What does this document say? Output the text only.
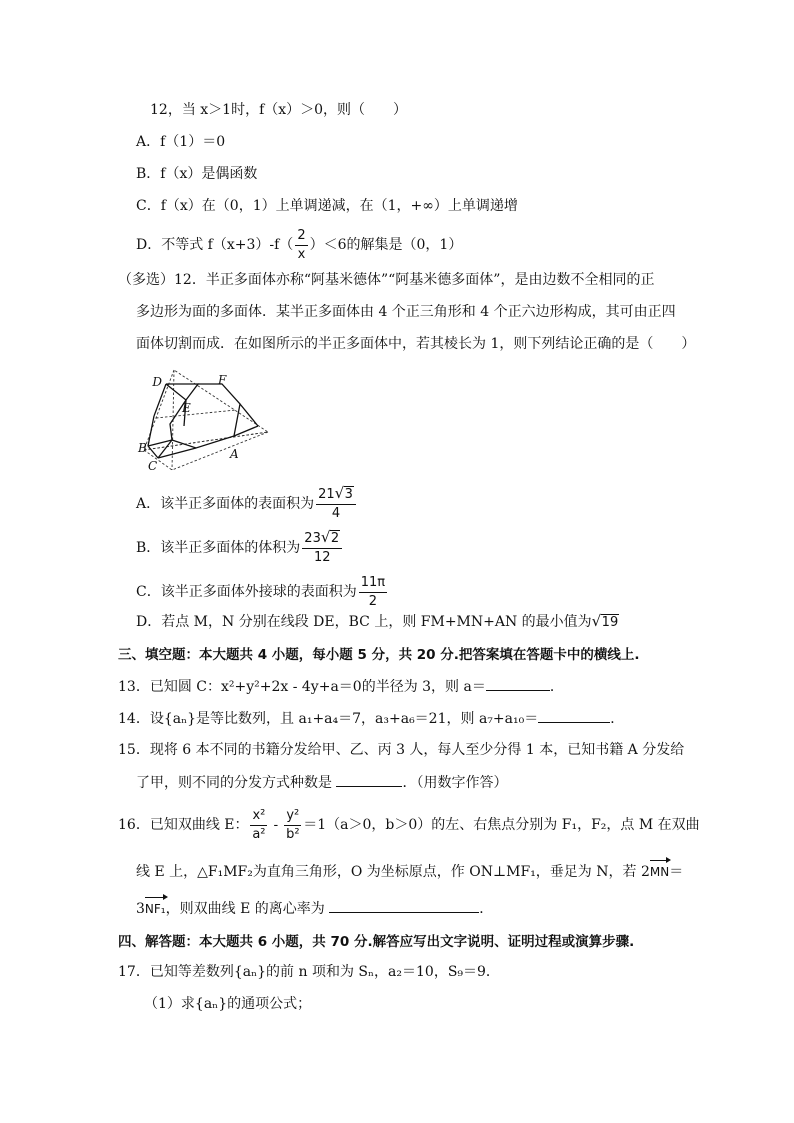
12，当 x＞1时，f（x）＞0，则（　　）
A．f（1）＝0
B．f（x）是偶函数
C．f（x）在（0，1）上单调递减，在（1，+∞）上单调递增
D．不等式 $f(x+3)-f( \frac{2}{x} )<6$的解集是（0，1）
（多选）12．半正多面体亦称“阿基米德体”“阿基米德多面体”，是由边数不全相同的正
多边形为面的多面体．某半正多面体由 4 个正三角形和 4 个正六边形构成，其可由正四
面体切割而成．在如图所示的半正多面体中，若其棱长为 1，则下列结论正确的是（　　）
D	F
E
B
C
A
A．该半正多面体的表面积为 $\frac{21 √ 3}{4}$
B．该半正多面体的体积为 $\frac{23 √ 2}{12}$
C．该半正多面体外接球的表面积为 $\frac{11\pi}{2}$
D．若点 M，N 分别在线段 DE，BC 上，则 FM+MN+AN 的最小值为 √ 19
三、填空题：本大题共 4 小题，每小题 5 分，共 20 分.把答案填在答题卡中的横线上.
13．已知圆 C：x²+y²+2x - 4y+a＝0的半径为 3，则 a＝	．
14．设{aₙ}是等比数列，且 a₁+a₄＝7，a₃+a₆＝21，则 a₇+a₁₀＝	．
15．现将 6 本不同的书籍分发给甲、乙、丙 3 人，每人至少分得 1 本，已知书籍 A 分发给
了甲，则不同的分发方式种数是	．（用数字作答）
16．已知双曲线 E： $\frac{\text{x²}}{\text{a²}} - \frac{\text{y²}}{\text{b²}} =1(a>0$，b＞0）的左、右焦点分别为 F₁，F₂，点 M 在双曲
线 E 上，△F₁MF₂为直角三角形，O 为坐标原点，作 ON⊥MF₁，垂足为 N，若 2MN＝
3NF₁，则双曲线 E 的离心率为	．
四、解答题：本大题共 6 小题，共 70 分.解答应写出文字说明、证明过程或演算步骤.
17．已知等差数列{aₙ}的前 n 项和为 Sₙ，a₂＝10，S₉＝9．
（1）求{aₙ}的通项公式；
